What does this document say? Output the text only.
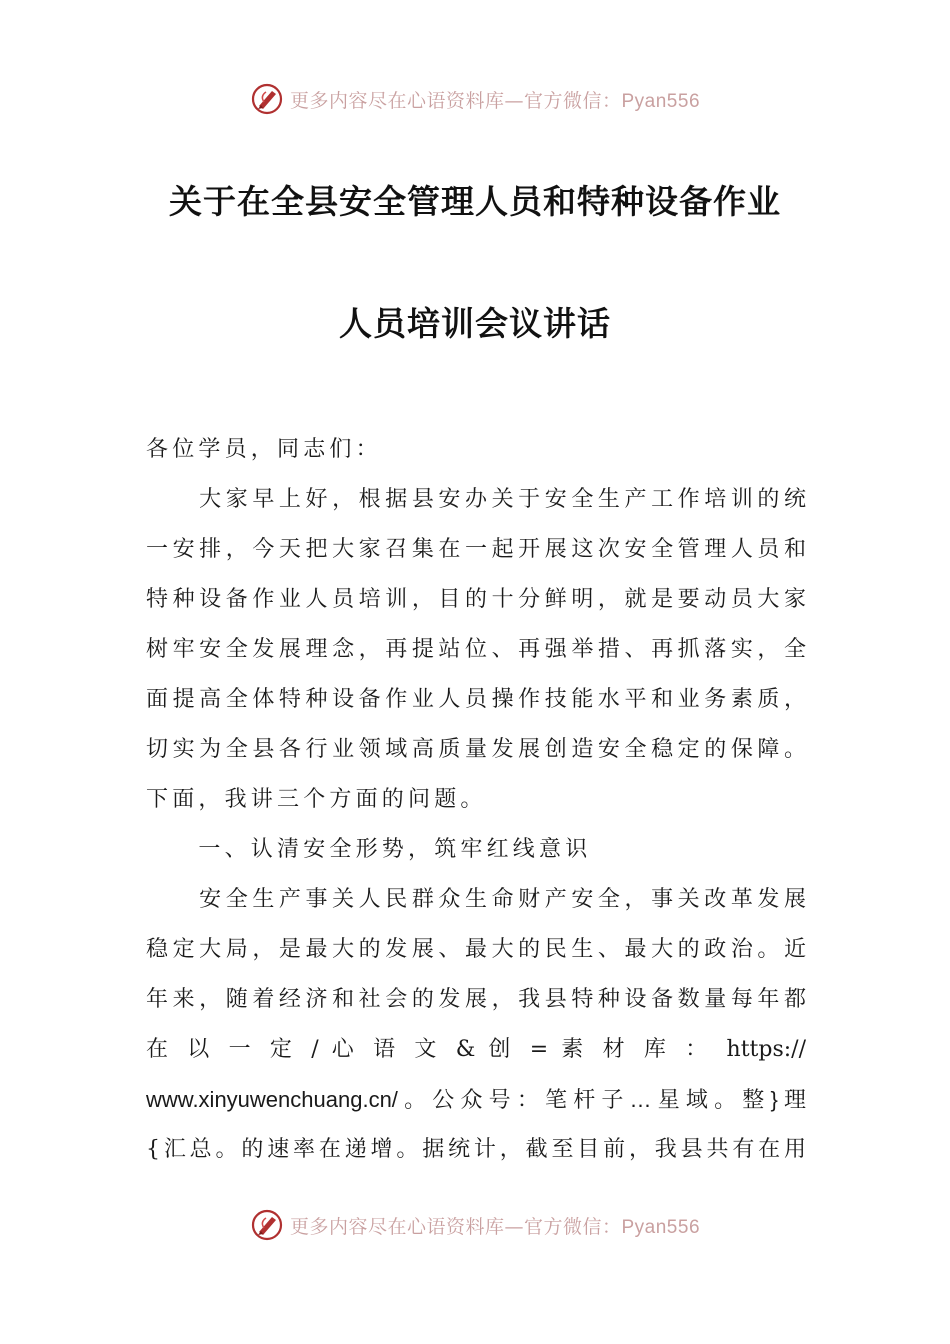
更多内容尽在心语资料库—官方微信：Pyan556
关于在全县安全管理人员和特种设备作业
人员培训会议讲话
各位学员，同志们：
　　大家早上好，根据县安办关于安全生产工作培训的统
一安排，今天把大家召集在一起开展这次安全管理人员和
特种设备作业人员培训，目的十分鲜明，就是要动员大家
树牢安全发展理念，再提站位、再强举措、再抓落实，全
面提高全体特种设备作业人员操作技能水平和业务素质，
切实为全县各行业领域高质量发展创造安全稳定的保障。
下面，我讲三个方面的问题。
　　一、认清安全形势，筑牢红线意识
　　安全生产事关人民群众生命财产安全，事关改革发展
稳定大局，是最大的发展、最大的民生、最大的政治。近
年来，随着经济和社会的发展，我县特种设备数量每年都
在 以 一 定 / 心 语 文 & 创 = 素 材 库 ： https://
www.xinyuwenchuang.cn/。公众号：笔杆子…星域。整}理
{汇总。的速率在递增。据统计，截至目前，我县共有在用
更多内容尽在心语资料库—官方微信：Pyan556
